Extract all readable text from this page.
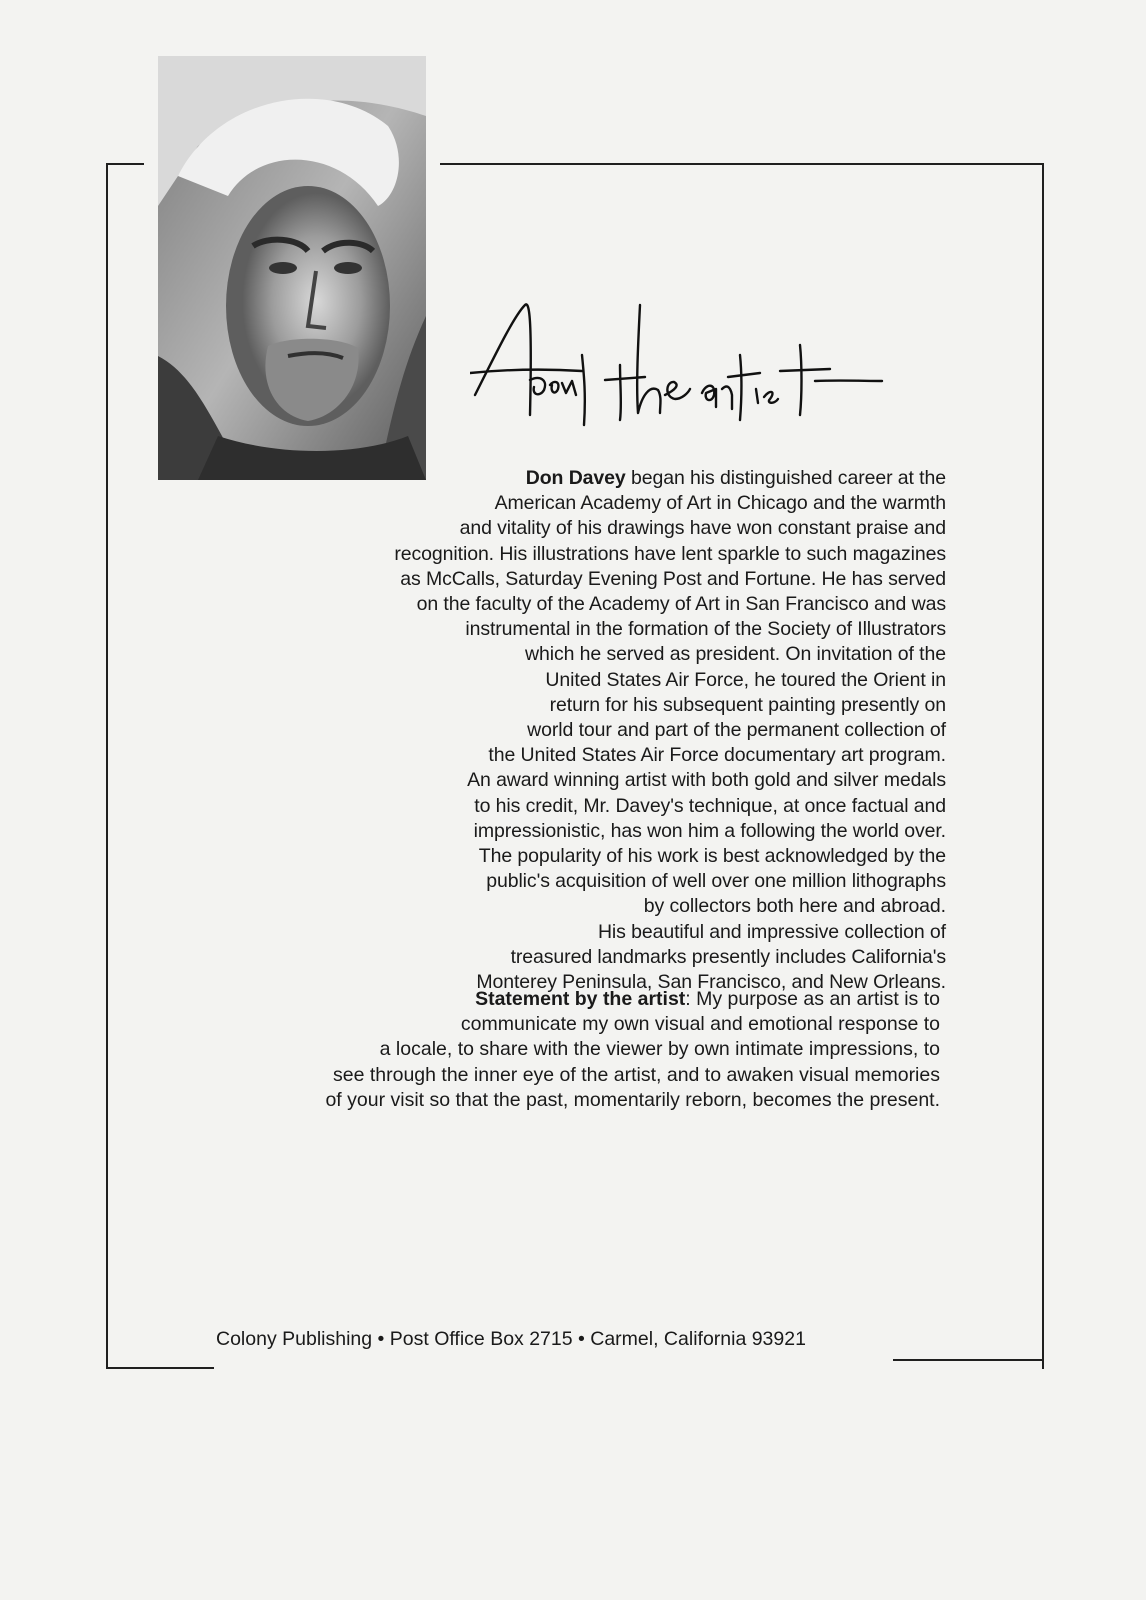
Don Davey began his distinguished career at the
American Academy of Art in Chicago and the warmth
and vitality of his drawings have won constant praise and
recognition. His illustrations have lent sparkle to such magazines
as McCalls, Saturday Evening Post and Fortune. He has served
on the faculty of the Academy of Art in San Francisco and was
instrumental in the formation of the Society of Illustrators
which he served as president. On invitation of the
United States Air Force, he toured the Orient in
return for his subsequent painting presently on
world tour and part of the permanent collection of
the United States Air Force documentary art program.
An award winning artist with both gold and silver medals
to his credit, Mr. Davey's technique, at once factual and
impressionistic, has won him a following the world over.
The popularity of his work is best acknowledged by the
public's acquisition of well over one million lithographs
by collectors both here and abroad.
His beautiful and impressive collection of
treasured landmarks presently includes California's
Monterey Peninsula, San Francisco, and New Orleans.
Statement by the artist: My purpose as an artist is to
communicate my own visual and emotional response to
a locale, to share with the viewer by own intimate impressions, to
see through the inner eye of the artist, and to awaken visual memories
of your visit so that the past, momentarily reborn, becomes the present.
Colony Publishing • Post Office Box 2715 • Carmel, California 93921
